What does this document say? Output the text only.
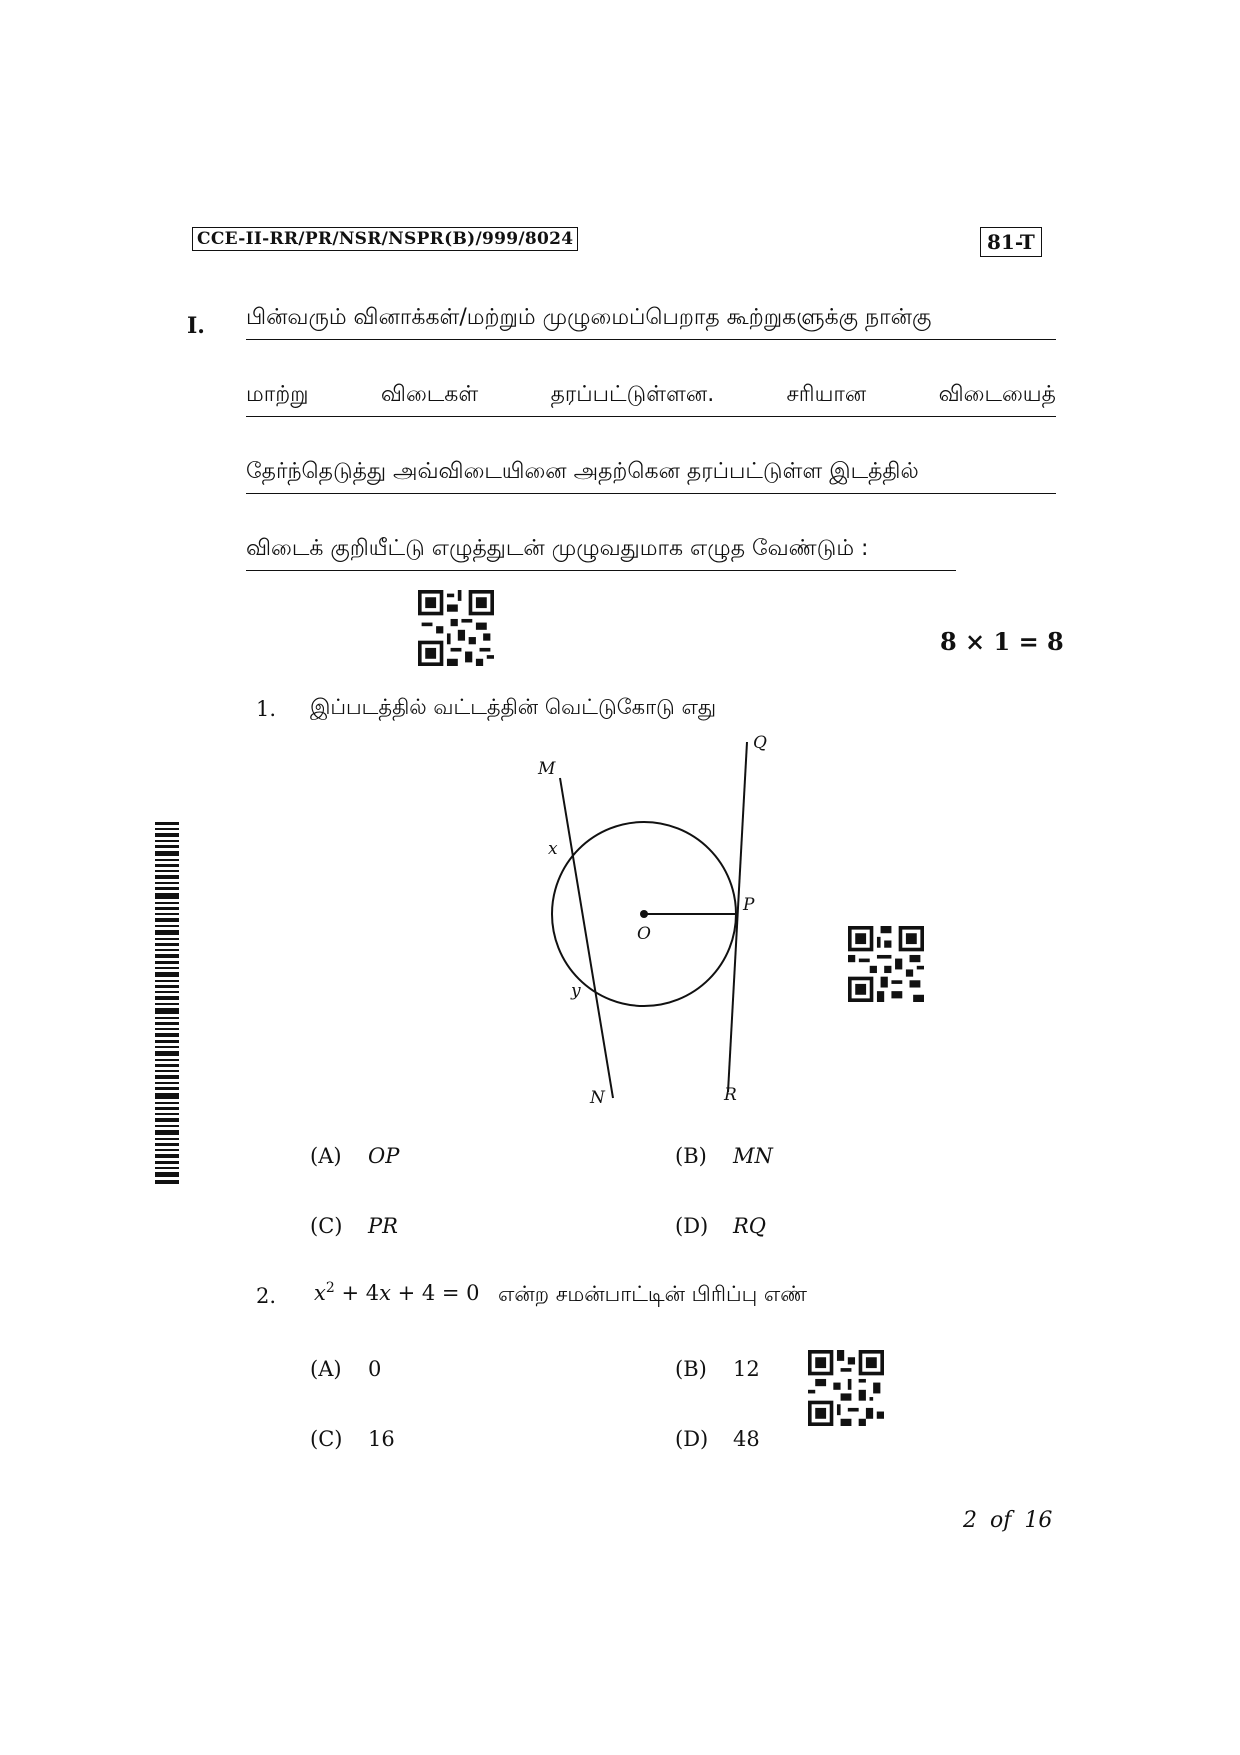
CCE-II-RR/PR/NSR/NSPR(B)/999/8024	81-T
I. பின்வரும் வினாக்கள்/மற்றும் முழுமைப்பெறாத கூற்றுகளுக்கு நான்கு
மாற்று விடைகள் தரப்பட்டுள்ளன. சரியான விடையைத்
தேர்ந்தெடுத்து அவ்விடையினை அதற்கென தரப்பட்டுள்ள இடத்தில்
விடைக் குறியீட்டு எழுத்துடன் முழுவதுமாக எழுத வேண்டும் :
8 × 1 = 8
1. இப்படத்தில் வட்டத்தின் வெட்டுகோடு எது
M
Q
x
O
P
y
N	R
(A) OP	(B) MN
(C) PR	(D) RQ
2. $x^2 + 4x + 4 = 0$ என்ற சமன்பாட்டின் பிரிப்பு எண்
(A) 0	(B) 12
(C) 16	(D) 48
2 of 16
